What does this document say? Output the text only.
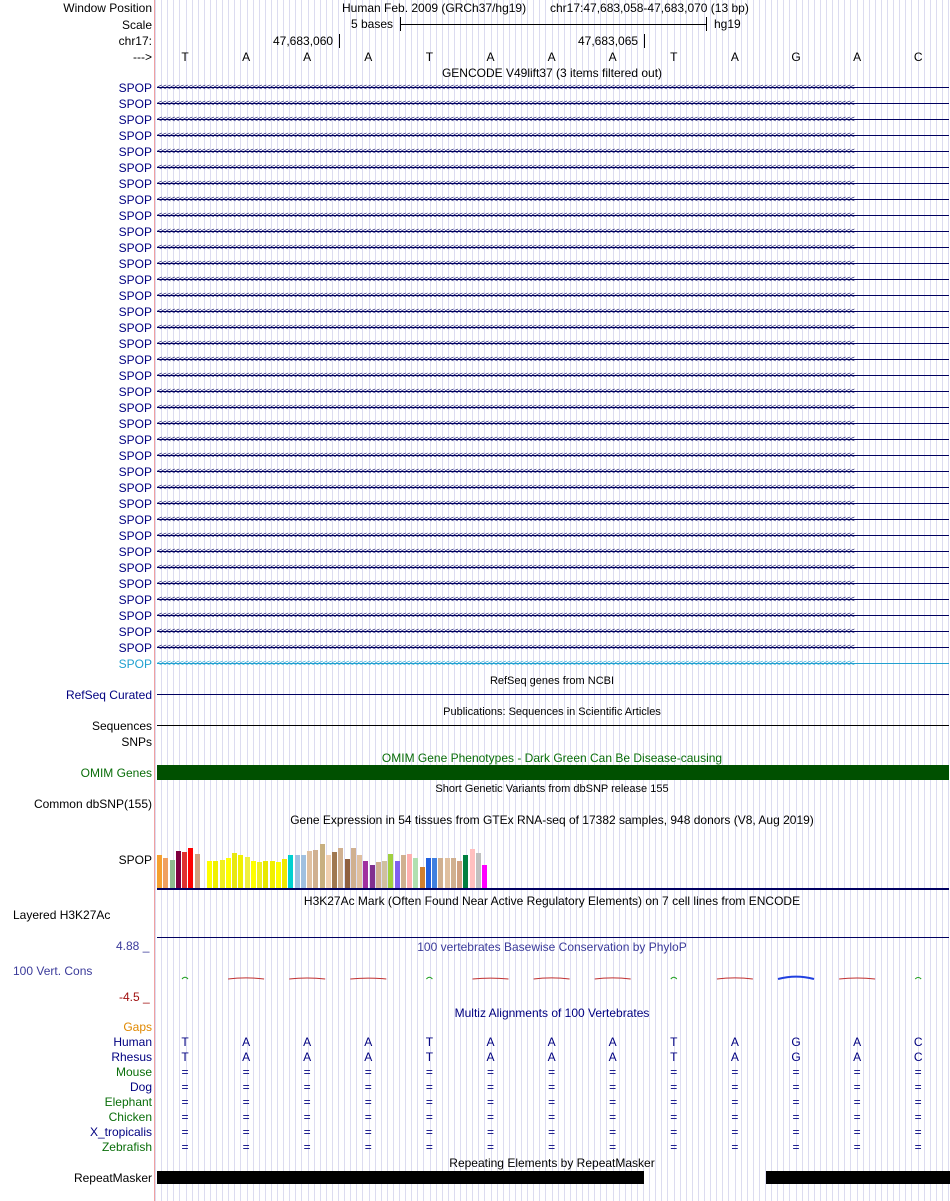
Window Position	Human Feb. 2009 (GRCh37/hg19) chr17:47,683,058-47,683,070 (13 bp)
Scale	5 bases	hg19
chr17:	47,683,060	47,683,065
---> T	A	A	A	T	A	A	A	T	A	G	A	C
GENCODE V49lift37 (3 items filtered out)
SPOP <<<<<<<<<<<<<<<<<<<<<<<<<<<<<<<<<<<<<<<<<<<<<<<<<<<<<<<<<<<<<<<<<<<<<<<<<<<<<<<<<<<<<<<<<<<<<<<<<<<<<<<<<<<<<<<<<<<<<<<<<<<<<<<<<<<<<<<<<<<<<<<<<<<<<<<<<<<<<<<<
SPOP <<<<<<<<<<<<<<<<<<<<<<<<<<<<<<<<<<<<<<<<<<<<<<<<<<<<<<<<<<<<<<<<<<<<<<<<<<<<<<<<<<<<<<<<<<<<<<<<<<<<<<<<<<<<<<<<<<<<<<<<<<<<<<<<<<<<<<<<<<<<<<<<<<<<<<<<<<<<<<<<
SPOP <<<<<<<<<<<<<<<<<<<<<<<<<<<<<<<<<<<<<<<<<<<<<<<<<<<<<<<<<<<<<<<<<<<<<<<<<<<<<<<<<<<<<<<<<<<<<<<<<<<<<<<<<<<<<<<<<<<<<<<<<<<<<<<<<<<<<<<<<<<<<<<<<<<<<<<<<<<<<<<<
SPOP <<<<<<<<<<<<<<<<<<<<<<<<<<<<<<<<<<<<<<<<<<<<<<<<<<<<<<<<<<<<<<<<<<<<<<<<<<<<<<<<<<<<<<<<<<<<<<<<<<<<<<<<<<<<<<<<<<<<<<<<<<<<<<<<<<<<<<<<<<<<<<<<<<<<<<<<<<<<<<<<
SPOP <<<<<<<<<<<<<<<<<<<<<<<<<<<<<<<<<<<<<<<<<<<<<<<<<<<<<<<<<<<<<<<<<<<<<<<<<<<<<<<<<<<<<<<<<<<<<<<<<<<<<<<<<<<<<<<<<<<<<<<<<<<<<<<<<<<<<<<<<<<<<<<<<<<<<<<<<<<<<<<<
SPOP <<<<<<<<<<<<<<<<<<<<<<<<<<<<<<<<<<<<<<<<<<<<<<<<<<<<<<<<<<<<<<<<<<<<<<<<<<<<<<<<<<<<<<<<<<<<<<<<<<<<<<<<<<<<<<<<<<<<<<<<<<<<<<<<<<<<<<<<<<<<<<<<<<<<<<<<<<<<<<<<
SPOP <<<<<<<<<<<<<<<<<<<<<<<<<<<<<<<<<<<<<<<<<<<<<<<<<<<<<<<<<<<<<<<<<<<<<<<<<<<<<<<<<<<<<<<<<<<<<<<<<<<<<<<<<<<<<<<<<<<<<<<<<<<<<<<<<<<<<<<<<<<<<<<<<<<<<<<<<<<<<<<<
SPOP <<<<<<<<<<<<<<<<<<<<<<<<<<<<<<<<<<<<<<<<<<<<<<<<<<<<<<<<<<<<<<<<<<<<<<<<<<<<<<<<<<<<<<<<<<<<<<<<<<<<<<<<<<<<<<<<<<<<<<<<<<<<<<<<<<<<<<<<<<<<<<<<<<<<<<<<<<<<<<<<
SPOP <<<<<<<<<<<<<<<<<<<<<<<<<<<<<<<<<<<<<<<<<<<<<<<<<<<<<<<<<<<<<<<<<<<<<<<<<<<<<<<<<<<<<<<<<<<<<<<<<<<<<<<<<<<<<<<<<<<<<<<<<<<<<<<<<<<<<<<<<<<<<<<<<<<<<<<<<<<<<<<<
SPOP <<<<<<<<<<<<<<<<<<<<<<<<<<<<<<<<<<<<<<<<<<<<<<<<<<<<<<<<<<<<<<<<<<<<<<<<<<<<<<<<<<<<<<<<<<<<<<<<<<<<<<<<<<<<<<<<<<<<<<<<<<<<<<<<<<<<<<<<<<<<<<<<<<<<<<<<<<<<<<<<
SPOP <<<<<<<<<<<<<<<<<<<<<<<<<<<<<<<<<<<<<<<<<<<<<<<<<<<<<<<<<<<<<<<<<<<<<<<<<<<<<<<<<<<<<<<<<<<<<<<<<<<<<<<<<<<<<<<<<<<<<<<<<<<<<<<<<<<<<<<<<<<<<<<<<<<<<<<<<<<<<<<<
SPOP <<<<<<<<<<<<<<<<<<<<<<<<<<<<<<<<<<<<<<<<<<<<<<<<<<<<<<<<<<<<<<<<<<<<<<<<<<<<<<<<<<<<<<<<<<<<<<<<<<<<<<<<<<<<<<<<<<<<<<<<<<<<<<<<<<<<<<<<<<<<<<<<<<<<<<<<<<<<<<<<
SPOP <<<<<<<<<<<<<<<<<<<<<<<<<<<<<<<<<<<<<<<<<<<<<<<<<<<<<<<<<<<<<<<<<<<<<<<<<<<<<<<<<<<<<<<<<<<<<<<<<<<<<<<<<<<<<<<<<<<<<<<<<<<<<<<<<<<<<<<<<<<<<<<<<<<<<<<<<<<<<<<<
SPOP <<<<<<<<<<<<<<<<<<<<<<<<<<<<<<<<<<<<<<<<<<<<<<<<<<<<<<<<<<<<<<<<<<<<<<<<<<<<<<<<<<<<<<<<<<<<<<<<<<<<<<<<<<<<<<<<<<<<<<<<<<<<<<<<<<<<<<<<<<<<<<<<<<<<<<<<<<<<<<<<
SPOP <<<<<<<<<<<<<<<<<<<<<<<<<<<<<<<<<<<<<<<<<<<<<<<<<<<<<<<<<<<<<<<<<<<<<<<<<<<<<<<<<<<<<<<<<<<<<<<<<<<<<<<<<<<<<<<<<<<<<<<<<<<<<<<<<<<<<<<<<<<<<<<<<<<<<<<<<<<<<<<<
SPOP <<<<<<<<<<<<<<<<<<<<<<<<<<<<<<<<<<<<<<<<<<<<<<<<<<<<<<<<<<<<<<<<<<<<<<<<<<<<<<<<<<<<<<<<<<<<<<<<<<<<<<<<<<<<<<<<<<<<<<<<<<<<<<<<<<<<<<<<<<<<<<<<<<<<<<<<<<<<<<<<
SPOP <<<<<<<<<<<<<<<<<<<<<<<<<<<<<<<<<<<<<<<<<<<<<<<<<<<<<<<<<<<<<<<<<<<<<<<<<<<<<<<<<<<<<<<<<<<<<<<<<<<<<<<<<<<<<<<<<<<<<<<<<<<<<<<<<<<<<<<<<<<<<<<<<<<<<<<<<<<<<<<<
SPOP <<<<<<<<<<<<<<<<<<<<<<<<<<<<<<<<<<<<<<<<<<<<<<<<<<<<<<<<<<<<<<<<<<<<<<<<<<<<<<<<<<<<<<<<<<<<<<<<<<<<<<<<<<<<<<<<<<<<<<<<<<<<<<<<<<<<<<<<<<<<<<<<<<<<<<<<<<<<<<<<
SPOP <<<<<<<<<<<<<<<<<<<<<<<<<<<<<<<<<<<<<<<<<<<<<<<<<<<<<<<<<<<<<<<<<<<<<<<<<<<<<<<<<<<<<<<<<<<<<<<<<<<<<<<<<<<<<<<<<<<<<<<<<<<<<<<<<<<<<<<<<<<<<<<<<<<<<<<<<<<<<<<<
SPOP <<<<<<<<<<<<<<<<<<<<<<<<<<<<<<<<<<<<<<<<<<<<<<<<<<<<<<<<<<<<<<<<<<<<<<<<<<<<<<<<<<<<<<<<<<<<<<<<<<<<<<<<<<<<<<<<<<<<<<<<<<<<<<<<<<<<<<<<<<<<<<<<<<<<<<<<<<<<<<<<
SPOP <<<<<<<<<<<<<<<<<<<<<<<<<<<<<<<<<<<<<<<<<<<<<<<<<<<<<<<<<<<<<<<<<<<<<<<<<<<<<<<<<<<<<<<<<<<<<<<<<<<<<<<<<<<<<<<<<<<<<<<<<<<<<<<<<<<<<<<<<<<<<<<<<<<<<<<<<<<<<<<<
SPOP <<<<<<<<<<<<<<<<<<<<<<<<<<<<<<<<<<<<<<<<<<<<<<<<<<<<<<<<<<<<<<<<<<<<<<<<<<<<<<<<<<<<<<<<<<<<<<<<<<<<<<<<<<<<<<<<<<<<<<<<<<<<<<<<<<<<<<<<<<<<<<<<<<<<<<<<<<<<<<<<
SPOP <<<<<<<<<<<<<<<<<<<<<<<<<<<<<<<<<<<<<<<<<<<<<<<<<<<<<<<<<<<<<<<<<<<<<<<<<<<<<<<<<<<<<<<<<<<<<<<<<<<<<<<<<<<<<<<<<<<<<<<<<<<<<<<<<<<<<<<<<<<<<<<<<<<<<<<<<<<<<<<<
SPOP <<<<<<<<<<<<<<<<<<<<<<<<<<<<<<<<<<<<<<<<<<<<<<<<<<<<<<<<<<<<<<<<<<<<<<<<<<<<<<<<<<<<<<<<<<<<<<<<<<<<<<<<<<<<<<<<<<<<<<<<<<<<<<<<<<<<<<<<<<<<<<<<<<<<<<<<<<<<<<<<
SPOP <<<<<<<<<<<<<<<<<<<<<<<<<<<<<<<<<<<<<<<<<<<<<<<<<<<<<<<<<<<<<<<<<<<<<<<<<<<<<<<<<<<<<<<<<<<<<<<<<<<<<<<<<<<<<<<<<<<<<<<<<<<<<<<<<<<<<<<<<<<<<<<<<<<<<<<<<<<<<<<<
SPOP <<<<<<<<<<<<<<<<<<<<<<<<<<<<<<<<<<<<<<<<<<<<<<<<<<<<<<<<<<<<<<<<<<<<<<<<<<<<<<<<<<<<<<<<<<<<<<<<<<<<<<<<<<<<<<<<<<<<<<<<<<<<<<<<<<<<<<<<<<<<<<<<<<<<<<<<<<<<<<<<
SPOP <<<<<<<<<<<<<<<<<<<<<<<<<<<<<<<<<<<<<<<<<<<<<<<<<<<<<<<<<<<<<<<<<<<<<<<<<<<<<<<<<<<<<<<<<<<<<<<<<<<<<<<<<<<<<<<<<<<<<<<<<<<<<<<<<<<<<<<<<<<<<<<<<<<<<<<<<<<<<<<<
SPOP <<<<<<<<<<<<<<<<<<<<<<<<<<<<<<<<<<<<<<<<<<<<<<<<<<<<<<<<<<<<<<<<<<<<<<<<<<<<<<<<<<<<<<<<<<<<<<<<<<<<<<<<<<<<<<<<<<<<<<<<<<<<<<<<<<<<<<<<<<<<<<<<<<<<<<<<<<<<<<<<
SPOP <<<<<<<<<<<<<<<<<<<<<<<<<<<<<<<<<<<<<<<<<<<<<<<<<<<<<<<<<<<<<<<<<<<<<<<<<<<<<<<<<<<<<<<<<<<<<<<<<<<<<<<<<<<<<<<<<<<<<<<<<<<<<<<<<<<<<<<<<<<<<<<<<<<<<<<<<<<<<<<<
SPOP <<<<<<<<<<<<<<<<<<<<<<<<<<<<<<<<<<<<<<<<<<<<<<<<<<<<<<<<<<<<<<<<<<<<<<<<<<<<<<<<<<<<<<<<<<<<<<<<<<<<<<<<<<<<<<<<<<<<<<<<<<<<<<<<<<<<<<<<<<<<<<<<<<<<<<<<<<<<<<<<
SPOP <<<<<<<<<<<<<<<<<<<<<<<<<<<<<<<<<<<<<<<<<<<<<<<<<<<<<<<<<<<<<<<<<<<<<<<<<<<<<<<<<<<<<<<<<<<<<<<<<<<<<<<<<<<<<<<<<<<<<<<<<<<<<<<<<<<<<<<<<<<<<<<<<<<<<<<<<<<<<<<<
SPOP <<<<<<<<<<<<<<<<<<<<<<<<<<<<<<<<<<<<<<<<<<<<<<<<<<<<<<<<<<<<<<<<<<<<<<<<<<<<<<<<<<<<<<<<<<<<<<<<<<<<<<<<<<<<<<<<<<<<<<<<<<<<<<<<<<<<<<<<<<<<<<<<<<<<<<<<<<<<<<<<
SPOP <<<<<<<<<<<<<<<<<<<<<<<<<<<<<<<<<<<<<<<<<<<<<<<<<<<<<<<<<<<<<<<<<<<<<<<<<<<<<<<<<<<<<<<<<<<<<<<<<<<<<<<<<<<<<<<<<<<<<<<<<<<<<<<<<<<<<<<<<<<<<<<<<<<<<<<<<<<<<<<<
SPOP <<<<<<<<<<<<<<<<<<<<<<<<<<<<<<<<<<<<<<<<<<<<<<<<<<<<<<<<<<<<<<<<<<<<<<<<<<<<<<<<<<<<<<<<<<<<<<<<<<<<<<<<<<<<<<<<<<<<<<<<<<<<<<<<<<<<<<<<<<<<<<<<<<<<<<<<<<<<<<<<
SPOP <<<<<<<<<<<<<<<<<<<<<<<<<<<<<<<<<<<<<<<<<<<<<<<<<<<<<<<<<<<<<<<<<<<<<<<<<<<<<<<<<<<<<<<<<<<<<<<<<<<<<<<<<<<<<<<<<<<<<<<<<<<<<<<<<<<<<<<<<<<<<<<<<<<<<<<<<<<<<<<<
SPOP <<<<<<<<<<<<<<<<<<<<<<<<<<<<<<<<<<<<<<<<<<<<<<<<<<<<<<<<<<<<<<<<<<<<<<<<<<<<<<<<<<<<<<<<<<<<<<<<<<<<<<<<<<<<<<<<<<<<<<<<<<<<<<<<<<<<<<<<<<<<<<<<<<<<<<<<<<<<<<<<
SPOP <<<<<<<<<<<<<<<<<<<<<<<<<<<<<<<<<<<<<<<<<<<<<<<<<<<<<<<<<<<<<<<<<<<<<<<<<<<<<<<<<<<<<<<<<<<<<<<<<<<<<<<<<<<<<<<<<<<<<<<<<<<<<<<<<<<<<<<<<<<<<<<<<<<<<<<<<<<<<<<<
RefSeq genes from NCBI
RefSeq Curated
Publications: Sequences in Scientific Articles
Sequences
SNPs
OMIM Gene Phenotypes - Dark Green Can Be Disease-causing
OMIM Genes
Short Genetic Variants from dbSNP release 155
Common dbSNP(155)
Gene Expression in 54 tissues from GTEx RNA-seq of 17382 samples, 948 donors (V8, Aug 2019)
SPOP
H3K27Ac Mark (Often Found Near Active Regulatory Elements) on 7 cell lines from ENCODE
Layered H3K27Ac
100 vertebrates Basewise Conservation by PhyloP
4.88 _
100 Vert. Cons
-4.5 _
Multiz Alignments of 100 Vertebrates
Gaps
Human T	A	A	A	T	A	A	A	T	A	G	A	C
Rhesus T	A	A	A	T	A	A	A	T	A	G	A	C
Mouse =	=	=	=	=	=	=	=	=	=	=	=	=
Dog =	=	=	=	=	=	=	=	=	=	=	=	=
Elephant =	=	=	=	=	=	=	=	=	=	=	=	=
Chicken =	=	=	=	=	=	=	=	=	=	=	=	=
X_tropicalis =	=	=	=	=	=	=	=	=	=	=	=	=
Zebrafish =	=	=	=	=	=	=	=	=	=	=	=	=
Repeating Elements by RepeatMasker
RepeatMasker
